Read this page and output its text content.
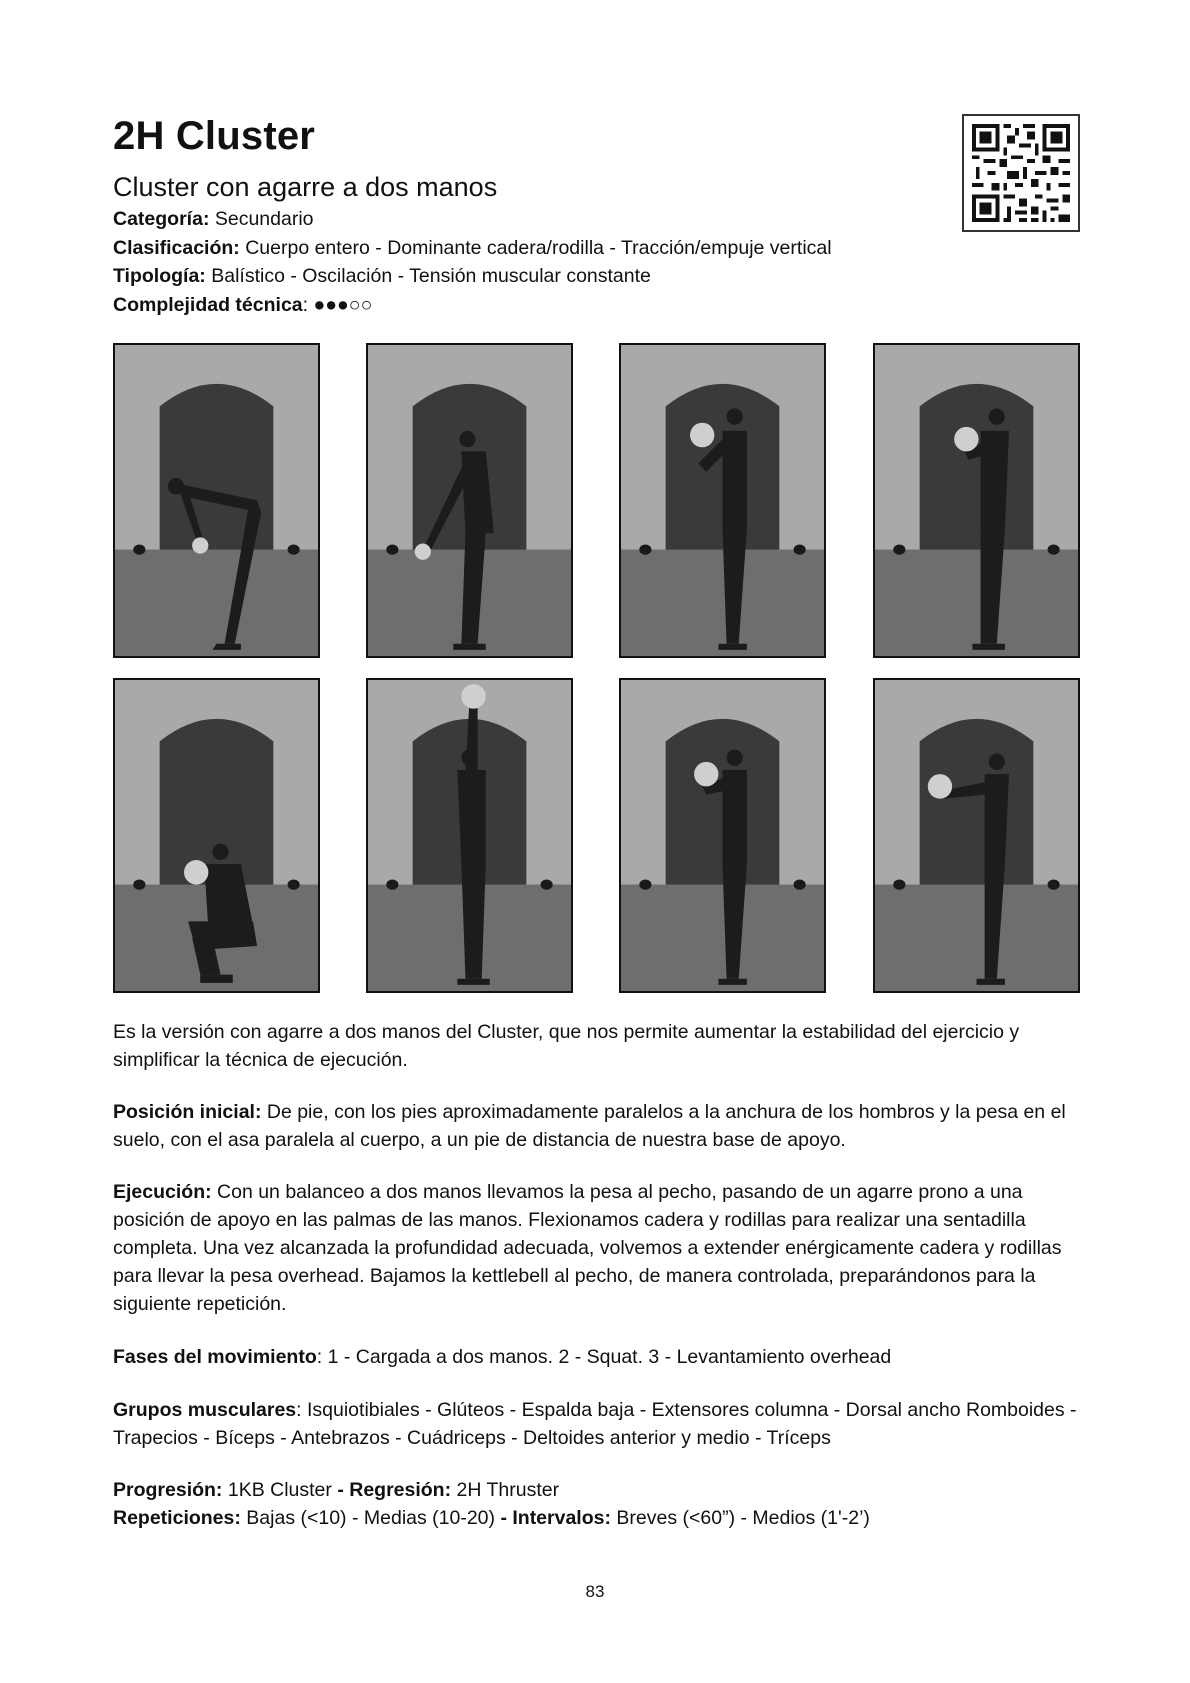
2H Cluster
Cluster con agarre a dos manos
Categoría: Secundario
Clasificación: Cuerpo entero - Dominante cadera/rodilla - Tracción/empuje vertical
Tipología: Balístico - Oscilación - Tensión muscular constante
Complejidad técnica: ●●●○○
Es la versión con agarre a dos manos del Cluster, que nos permite aumentar la estabilidad del ejercicio y simplificar la técnica de ejecución.
Posición inicial: De pie, con los pies aproximadamente paralelos a la anchura de los hombros y la pesa en el suelo, con el asa paralela al cuerpo, a un pie de distancia de nuestra base de apoyo.
Ejecución: Con un balanceo a dos manos llevamos la pesa al pecho, pasando de un agarre prono a una posición de apoyo en las palmas de las manos. Flexionamos cadera y rodillas para realizar una sentadilla completa. Una vez alcanzada la profundidad adecuada, volvemos a extender enérgicamente cadera y rodillas para llevar la pesa overhead. Bajamos la kettlebell al pecho, de manera controlada, preparándonos para la siguiente repetición.
Fases del movimiento: 1 - Cargada a dos manos. 2 - Squat. 3 - Levantamiento overhead
Grupos musculares: Isquiotibiales - Glúteos - Espalda baja - Extensores columna - Dorsal ancho Romboides - Trapecios - Bíceps - Antebrazos - Cuádriceps - Deltoides anterior y medio - Tríceps
Progresión: 1KB Cluster - Regresión: 2H Thruster
Repeticiones: Bajas (<10) - Medias (10-20) - Intervalos: Breves (<60”) - Medios (1'-2’)
83
